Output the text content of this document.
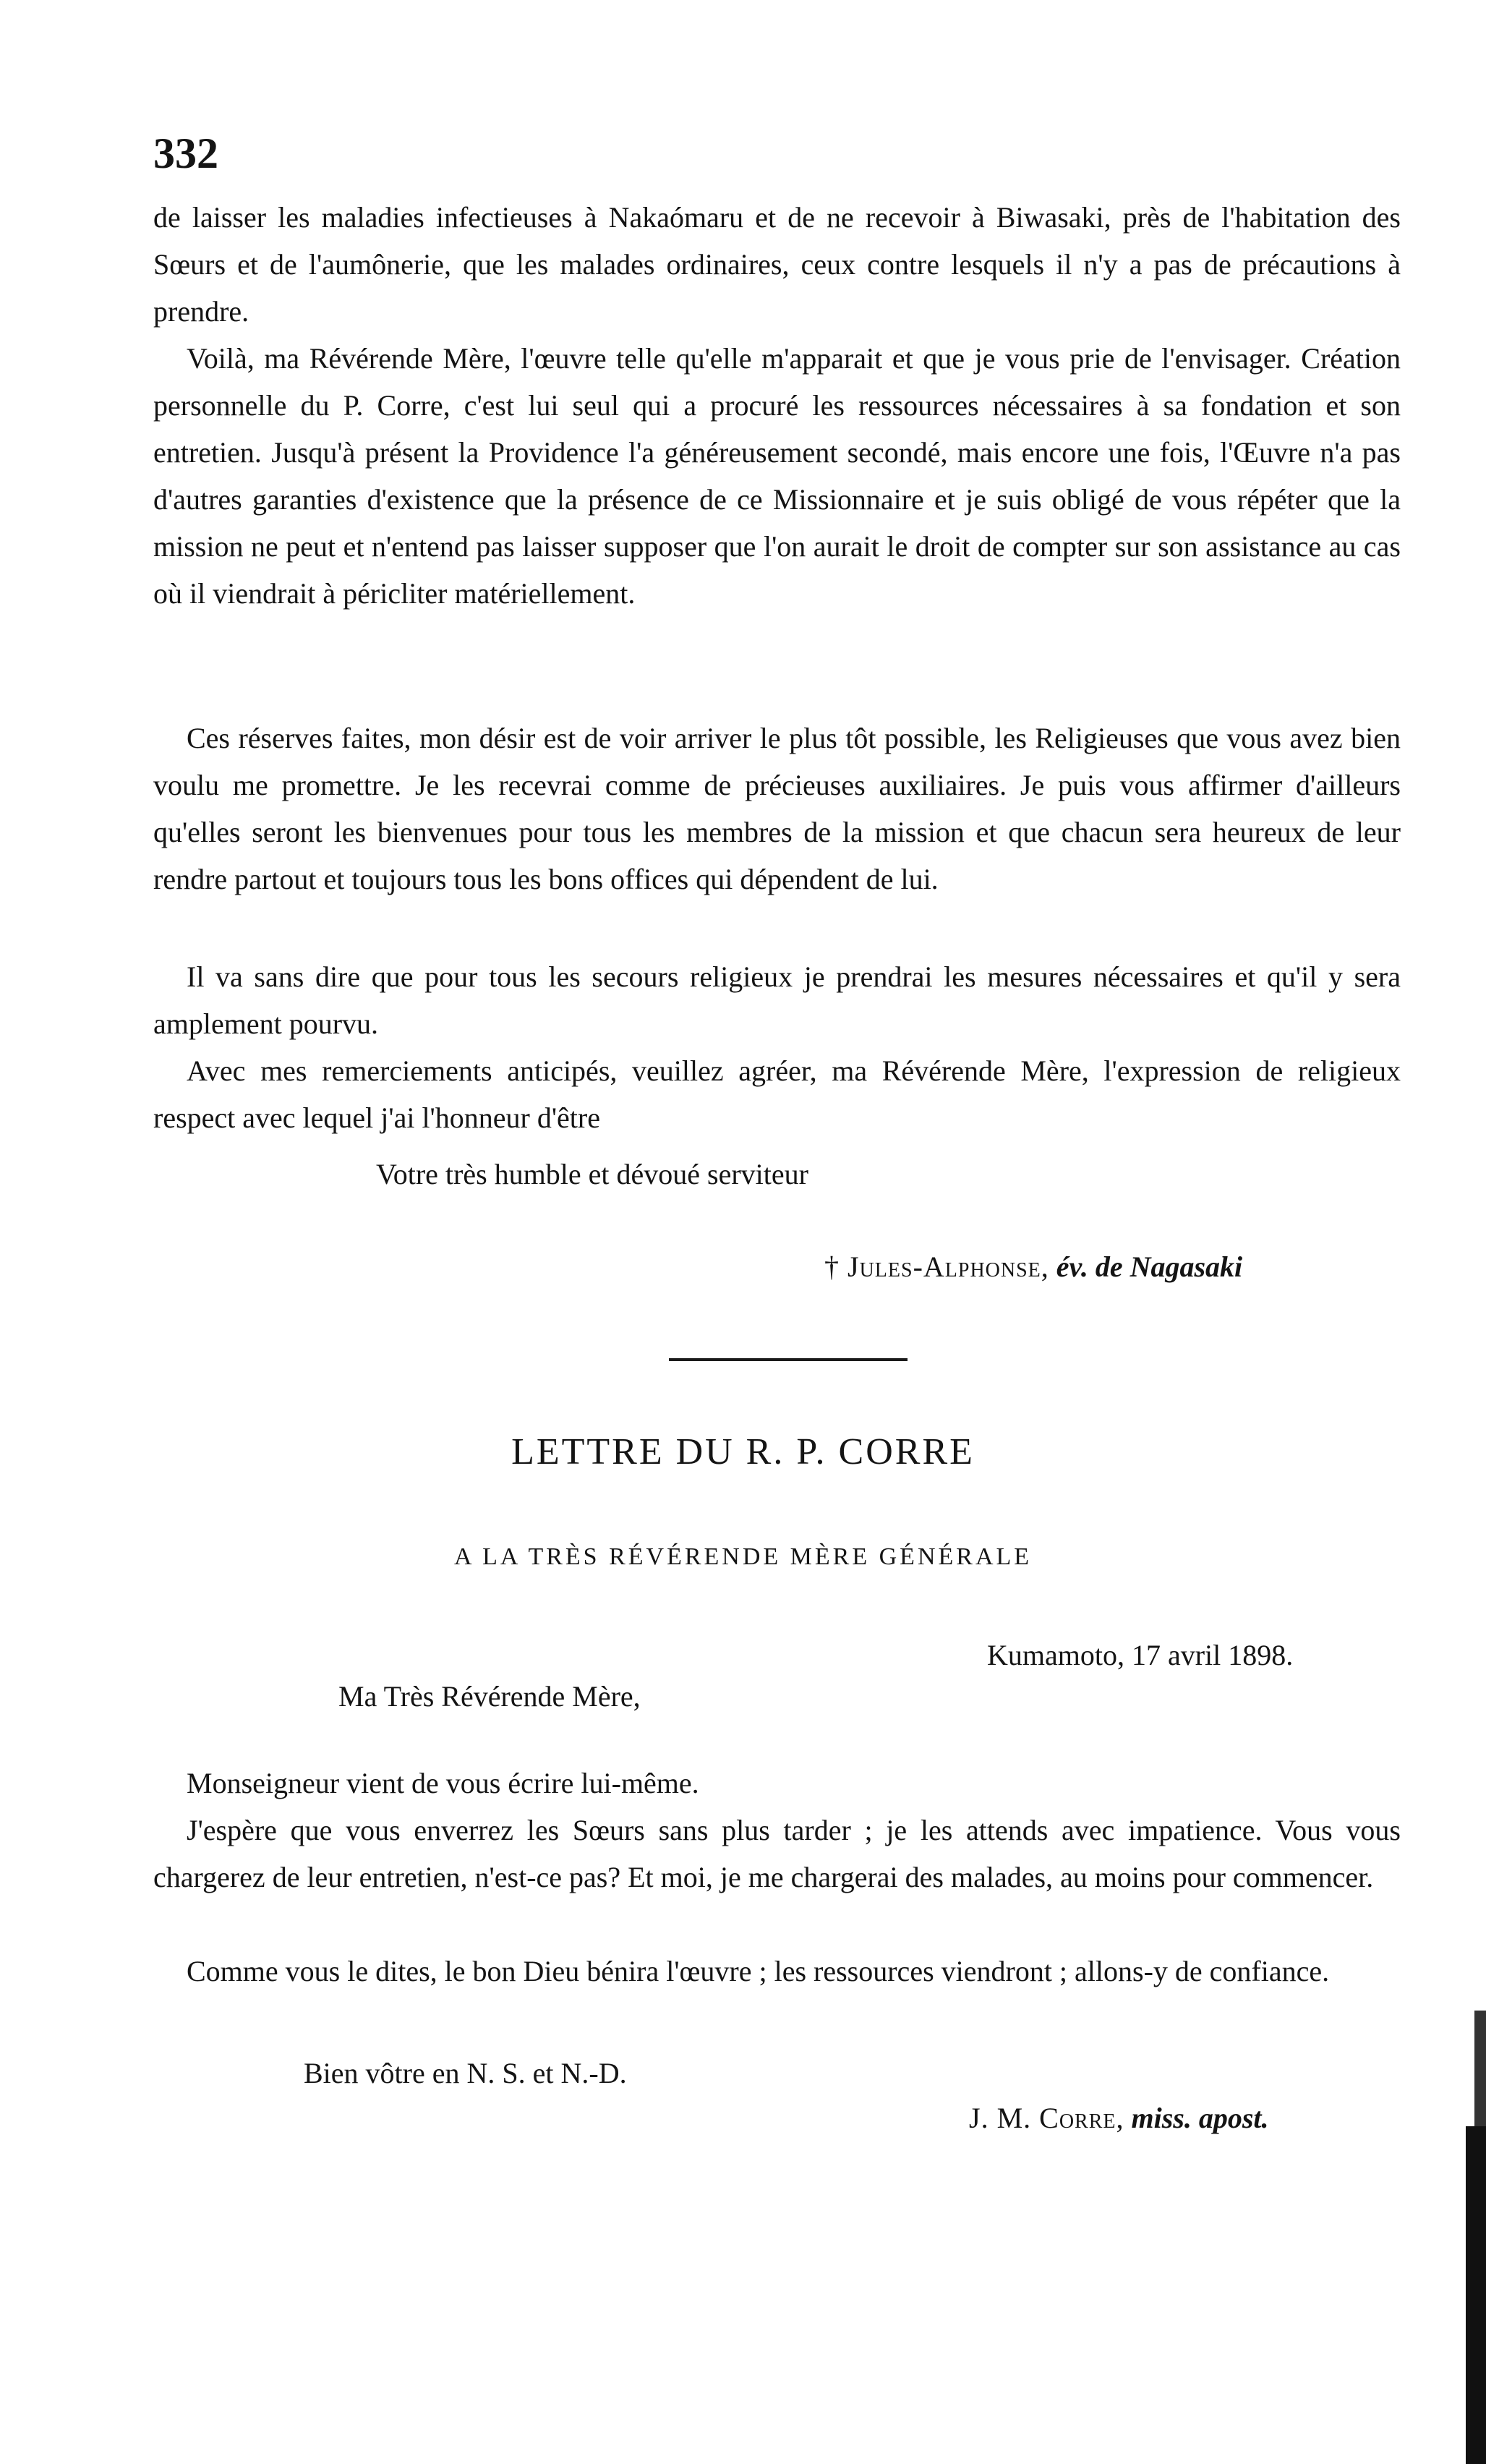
332

de laisser les maladies infectieuses à Nakaómaru et de ne recevoir à Biwasaki, près de l'habitation des Sœurs et de l'aumônerie, que les malades ordinaires, ceux contre lesquels il n'y a pas de précautions à prendre.

Voilà, ma Révérende Mère, l'œuvre telle qu'elle m'apparait et que je vous prie de l'envisager. Création personnelle du P. Corre, c'est lui seul qui a procuré les ressources nécessaires à sa fondation et son entretien. Jusqu'à présent la Providence l'a généreusement secondé, mais encore une fois, l'Œuvre n'a pas d'autres garanties d'existence que la présence de ce Missionnaire et je suis obligé de vous répéter que la mission ne peut et n'entend pas laisser supposer que l'on aurait le droit de compter sur son assistance au cas où il viendrait à péricliter matériellement.

Ces réserves faites, mon désir est de voir arriver le plus tôt possible, les Religieuses que vous avez bien voulu me promettre. Je les recevrai comme de précieuses auxiliaires. Je puis vous affirmer d'ailleurs qu'elles seront les bienvenues pour tous les membres de la mission et que chacun sera heureux de leur rendre partout et toujours tous les bons offices qui dépendent de lui.

Il va sans dire que pour tous les secours religieux je prendrai les mesures nécessaires et qu'il y sera amplement pourvu.

Avec mes remerciements anticipés, veuillez agréer, ma Révérende Mère, l'expression de religieux respect avec lequel j'ai l'honneur d'être

Votre très humble et dévoué serviteur
† Jules-Alphonse, év. de Nagasaki
LETTRE DU R. P. CORRE
A LA TRÈS RÉVÉRENDE MÈRE GÉNÉRALE
Kumamoto, 17 avril 1898.
Ma Très Révérende Mère,

Monseigneur vient de vous écrire lui-même.

J'espère que vous enverrez les Sœurs sans plus tarder ; je les attends avec impatience. Vous vous chargerez de leur entretien, n'est-ce pas? Et moi, je me chargerai des malades, au moins pour commencer.

Comme vous le dites, le bon Dieu bénira l'œuvre ; les ressources viendront ; allons-y de confiance.

Bien vôtre en N. S. et N.-D.
J. M. Corre, miss. apost.
